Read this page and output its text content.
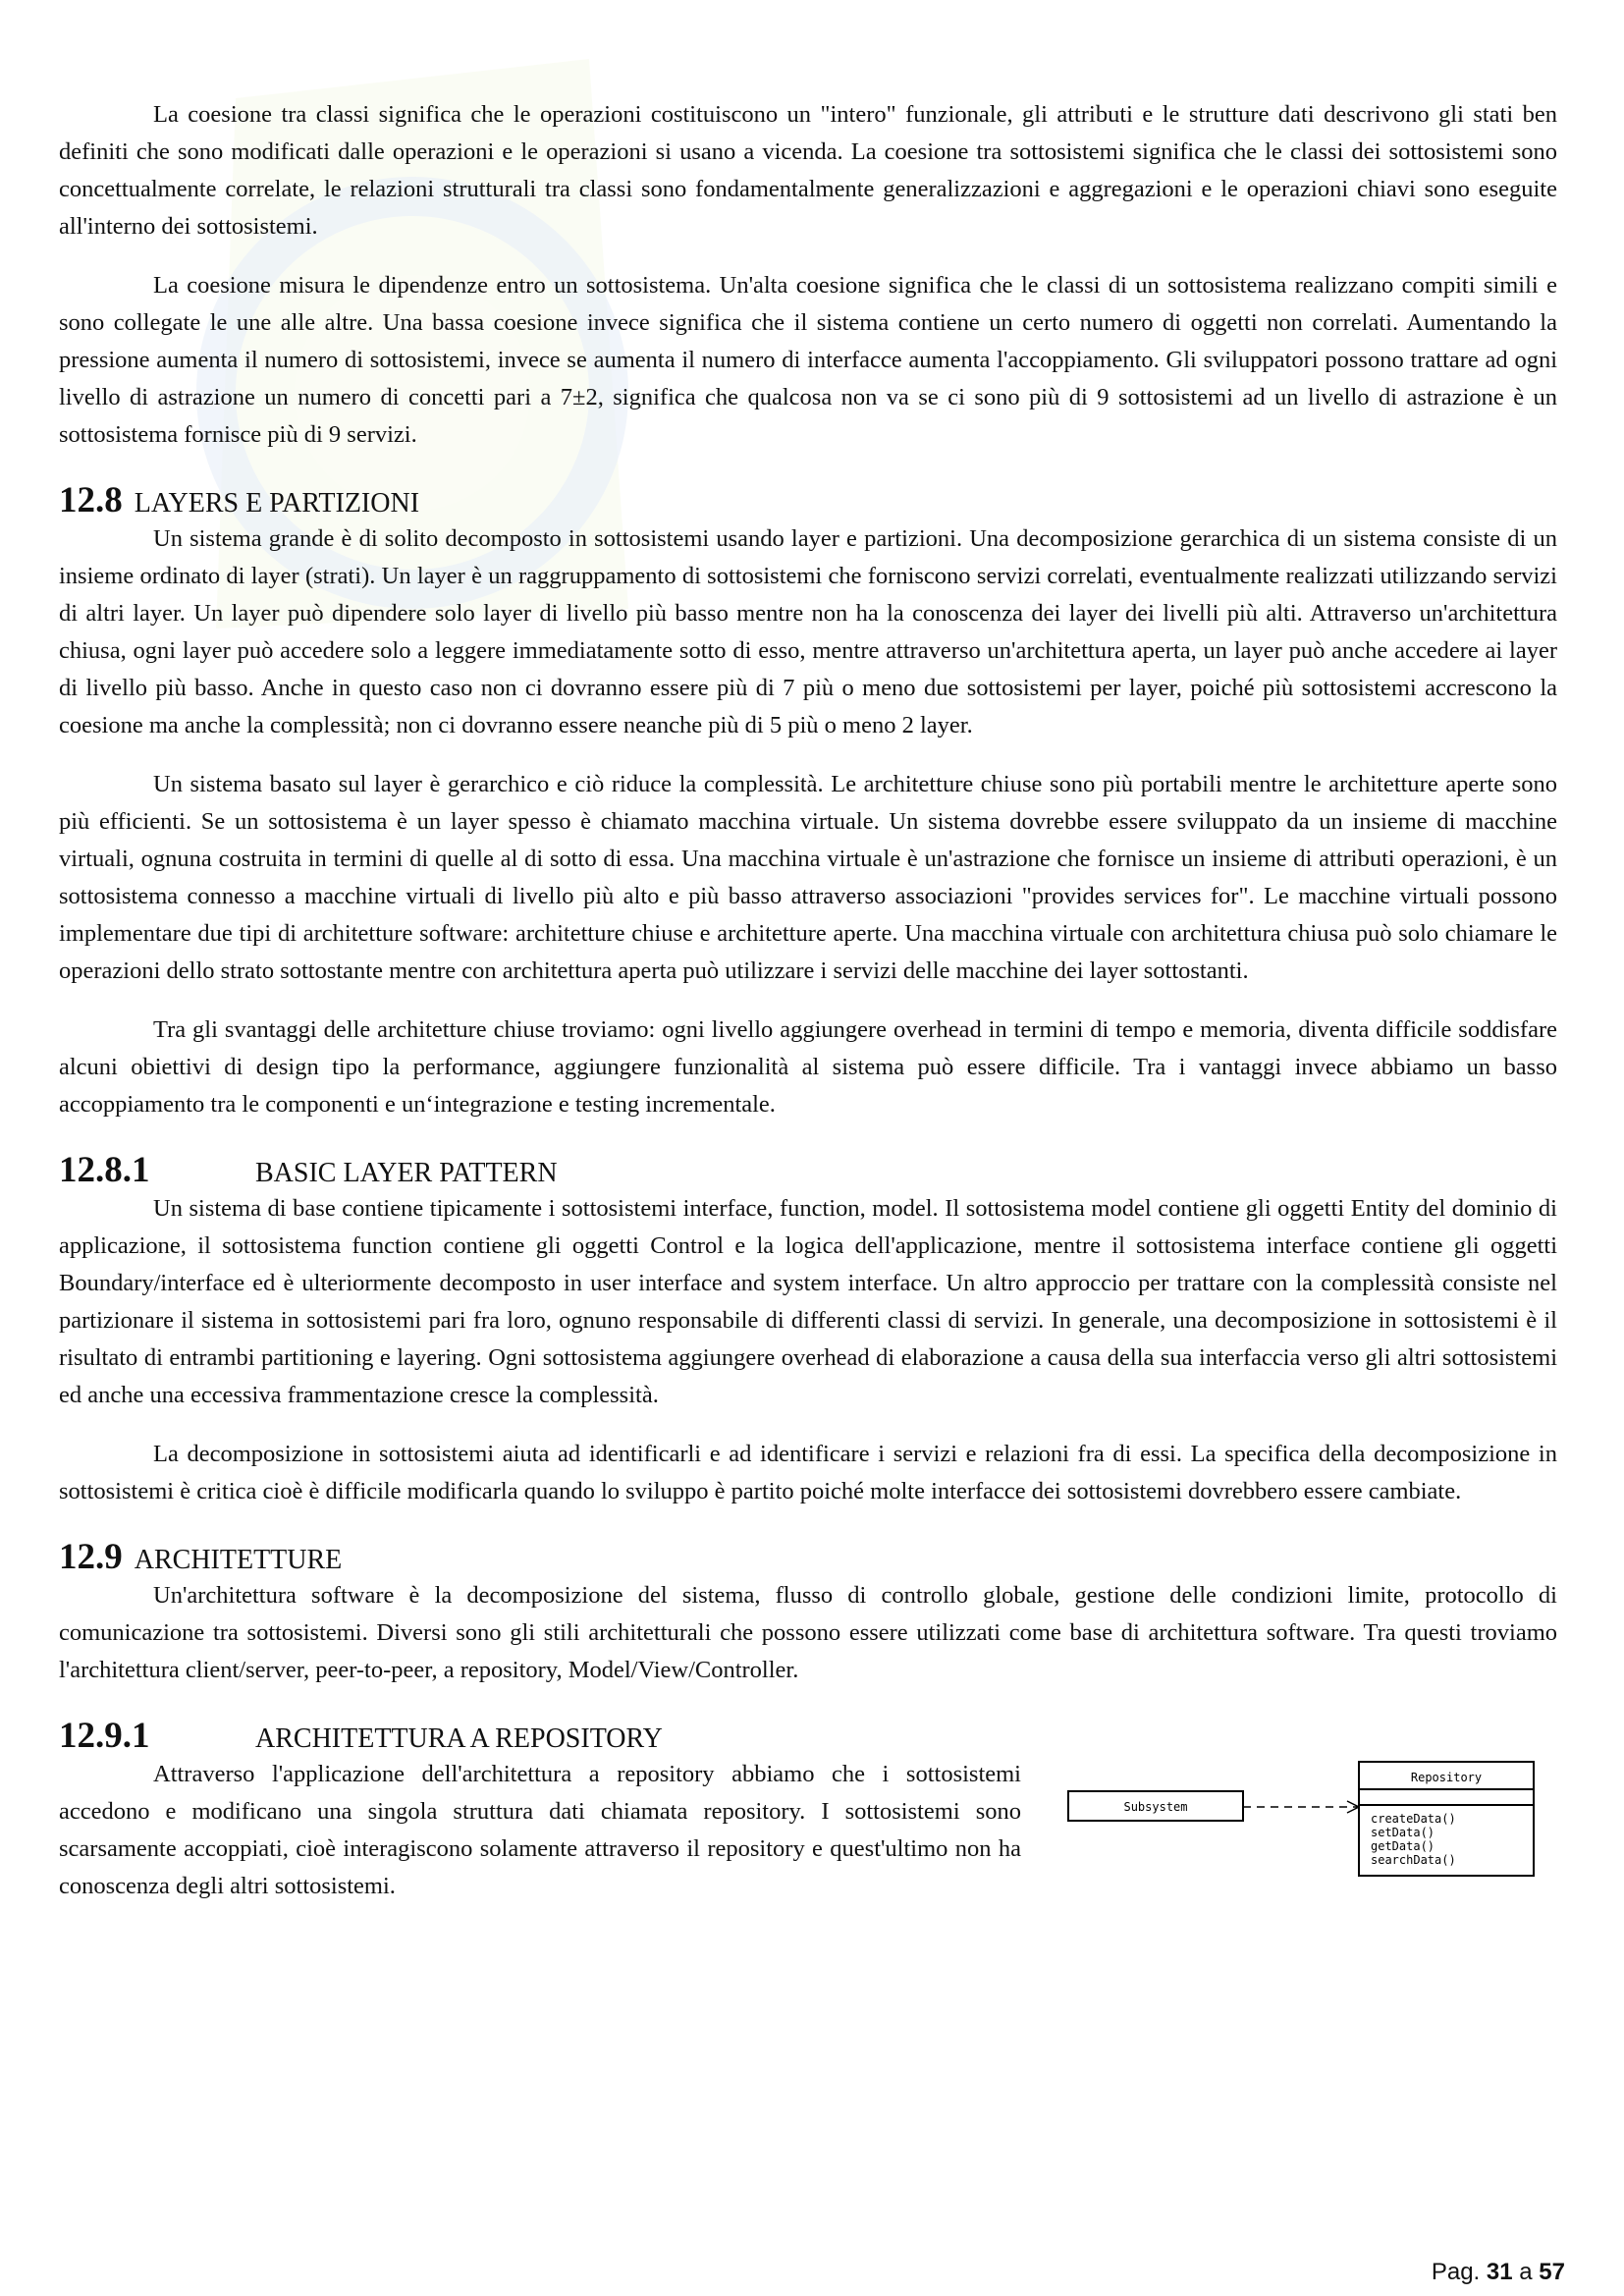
La coesione tra classi significa che le operazioni costituiscono un "intero" funzionale, gli attributi e le strutture dati descrivono gli stati ben definiti che sono modificati dalle operazioni e le operazioni si usano a vicenda. La coesione tra sottosistemi significa che le classi dei sottosistemi sono concettualmente correlate, le relazioni strutturali tra classi sono fondamentalmente generalizzazioni e aggregazioni e le operazioni chiavi sono eseguite all'interno dei sottosistemi.

La coesione misura le dipendenze entro un sottosistema. Un'alta coesione significa che le classi di un sottosistema realizzano compiti simili e sono collegate le une alle altre. Una bassa coesione invece significa che il sistema contiene un certo numero di oggetti non correlati. Aumentando la pressione aumenta il numero di sottosistemi, invece se aumenta il numero di interfacce aumenta l'accoppiamento. Gli sviluppatori possono trattare ad ogni livello di astrazione un numero di concetti pari a 7±2, significa che qualcosa non va se ci sono più di 9 sottosistemi ad un livello di astrazione è un sottosistema fornisce più di 9 servizi.

12.8 LAYERS E PARTIZIONI

Un sistema grande è di solito decomposto in sottosistemi usando layer e partizioni. Una decomposizione gerarchica di un sistema consiste di un insieme ordinato di layer (strati). Un layer è un raggruppamento di sottosistemi che forniscono servizi correlati, eventualmente realizzati utilizzando servizi di altri layer. Un layer può dipendere solo layer di livello più basso mentre non ha la conoscenza dei layer dei livelli più alti. Attraverso un'architettura chiusa, ogni layer può accedere solo a leggere immediatamente sotto di esso, mentre attraverso un'architettura aperta, un layer può anche accedere ai layer di livello più basso. Anche in questo caso non ci dovranno essere più di 7 più o meno due sottosistemi per layer, poiché più sottosistemi accrescono la coesione ma anche la complessità; non ci dovranno essere neanche più di 5 più o meno 2 layer.

Un sistema basato sul layer è gerarchico e ciò riduce la complessità. Le architetture chiuse sono più portabili mentre le architetture aperte sono più efficienti. Se un sottosistema è un layer spesso è chiamato macchina virtuale. Un sistema dovrebbe essere sviluppato da un insieme di macchine virtuali, ognuna costruita in termini di quelle al di sotto di essa. Una macchina virtuale è un'astrazione che fornisce un insieme di attributi operazioni, è un sottosistema connesso a macchine virtuali di livello più alto e più basso attraverso associazioni "provides services for". Le macchine virtuali possono implementare due tipi di architetture software: architetture chiuse e architetture aperte. Una macchina virtuale con architettura chiusa può solo chiamare le operazioni dello strato sottostante mentre con architettura aperta può utilizzare i servizi delle macchine dei layer sottostanti.

Tra gli svantaggi delle architetture chiuse troviamo: ogni livello aggiungere overhead in termini di tempo e memoria, diventa difficile soddisfare alcuni obiettivi di design tipo la performance, aggiungere funzionalità al sistema può essere difficile. Tra i vantaggi invece abbiamo un basso accoppiamento tra le componenti e un‘integrazione e testing incrementale.

12.8.1	BASIC LAYER PATTERN

Un sistema di base contiene tipicamente i sottosistemi interface, function, model. Il sottosistema model contiene gli oggetti Entity del dominio di applicazione, il sottosistema function contiene gli oggetti Control e la logica dell'applicazione, mentre il sottosistema interface contiene gli oggetti Boundary/interface ed è ulteriormente decomposto in user interface and system interface. Un altro approccio per trattare con la complessità consiste nel partizionare il sistema in sottosistemi pari fra loro, ognuno responsabile di differenti classi di servizi. In generale, una decomposizione in sottosistemi è il risultato di entrambi partitioning e layering. Ogni sottosistema aggiungere overhead di elaborazione a causa della sua interfaccia verso gli altri sottosistemi ed anche una eccessiva frammentazione cresce la complessità.

La decomposizione in sottosistemi aiuta ad identificarli e ad identificare i servizi e relazioni fra di essi. La specifica della decomposizione in sottosistemi è critica cioè è difficile modificarla quando lo sviluppo è partito poiché molte interfacce dei sottosistemi dovrebbero essere cambiate.

12.9 ARCHITETTURE

Un'architettura software è la decomposizione del sistema, flusso di controllo globale, gestione delle condizioni limite, protocollo di comunicazione tra sottosistemi. Diversi sono gli stili architetturali che possono essere utilizzati come base di architettura software. Tra questi troviamo l'architettura client/server, peer-to-peer, a repository, Model/View/Controller.

12.9.1	ARCHITETTURA A REPOSITORY

Attraverso l'applicazione dell'architettura a repository abbiamo che i sottosistemi accedono e modificano una singola struttura dati chiamata repository. I sottosistemi sono scarsamente accoppiati, cioè interagiscono solamente attraverso il repository e quest'ultimo non ha conoscenza degli altri sottosistemi.

Subsystem
Repository
createData()
setData()
getData()
searchData()
Pag. 31 a 57
